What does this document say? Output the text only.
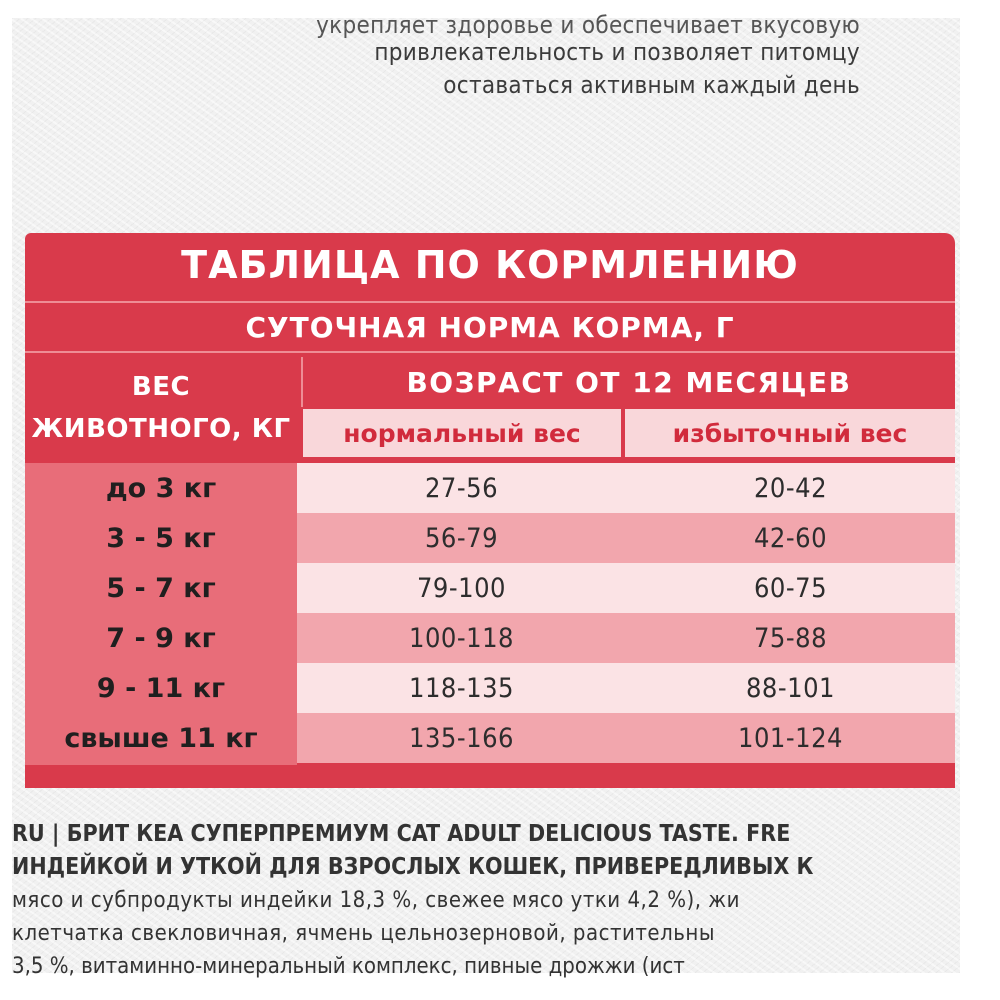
укрепляет здоровье и обеспечивает вкусовую
привлекательность и позволяет питомцу
оставаться активным каждый день
ТАБЛИЦА ПО КОРМЛЕНИЮ
СУТОЧНАЯ НОРМА КОРМА, Г
ВЕС
ЖИВОТНОГО, КГ
ВОЗРАСТ ОТ 12 МЕСЯЦЕВ
нормальный вес	избыточный вес
до 3 кг	27-56	20-42
3 - 5 кг	56-79	42-60
5 - 7 кг	79-100	60-75
7 - 9 кг	100-118	75-88
9 - 11 кг	118-135	88-101
свыше 11 кг	135-166	101-124
RU | БРИТ КЕА СУПЕРПРЕМИУМ CAT ADULT DELICIOUS TASTE. FRE
ИНДЕЙКОЙ И УТКОЙ ДЛЯ ВЗРОСЛЫХ КОШЕК, ПРИВЕРЕДЛИВЫХ К
мясо и субпродукты индейки 18,3 %, свежее мясо утки 4,2 %), жи
клетчатка свекловичная, ячмень цельнозерновой, растительны
